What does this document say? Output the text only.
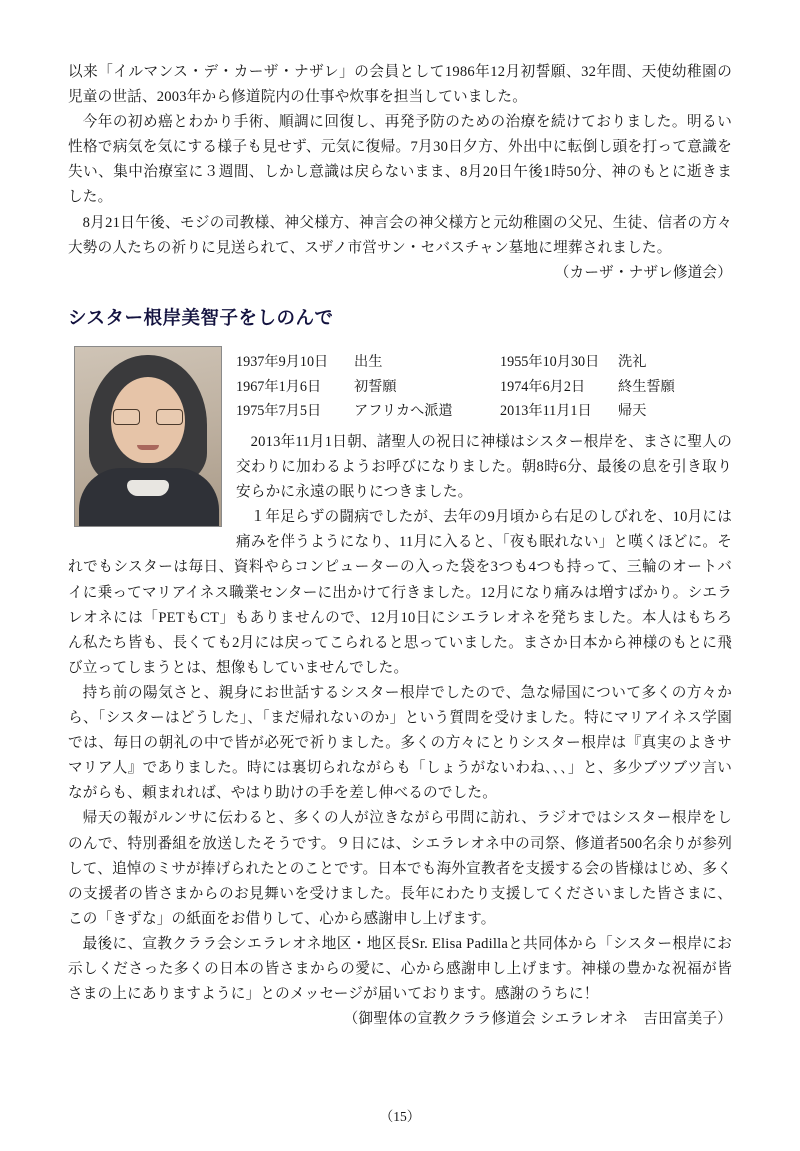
以来「イルマンス・デ・カーザ・ナザレ」の会員として1986年12月初誓願、32年間、天使幼稚園の児童の世話、2003年から修道院内の仕事や炊事を担当していました。

今年の初め癌とわかり手術、順調に回復し、再発予防のための治療を続けておりました。明るい性格で病気を気にする様子も見せず、元気に復帰。7月30日夕方、外出中に転倒し頭を打って意識を失い、集中治療室に３週間、しかし意識は戻らないまま、8月20日午後1時50分、神のもとに逝きました。

8月21日午後、モジの司教様、神父様方、神言会の神父様方と元幼稚園の父兄、生徒、信者の方々大勢の人たちの祈りに見送られて、スザノ市営サン・セバスチャン墓地に埋葬されました。

（カーザ・ナザレ修道会）

シスター根岸美智子をしのんで
1937年9月10日	出生	1955年10月30日	洗礼
1967年1月6日	初誓願	1974年6月2日	終生誓願
1975年7月5日	アフリカへ派遣	2013年11月1日	帰天

2013年11月1日朝、諸聖人の祝日に神様はシスター根岸を、まさに聖人の交わりに加わるようお呼びになりました。朝8時6分、最後の息を引き取り安らかに永遠の眠りにつきました。

１年足らずの闘病でしたが、去年の9月頃から右足のしびれを、10月には痛みを伴うようになり、11月に入ると、「夜も眠れない」と嘆くほどに。それでもシスターは毎日、資料やらコンピューターの入った袋を3つも4つも持って、三輪のオートバイに乗ってマリアイネス職業センターに出かけて行きました。12月になり痛みは増すばかり。シエラレオネには「PETもCT」もありませんので、12月10日にシエラレオネを発ちました。本人はもちろん私たち皆も、長くても2月には戻ってこられると思っていました。まさか日本から神様のもとに飛び立ってしまうとは、想像もしていませんでした。

持ち前の陽気さと、親身にお世話するシスター根岸でしたので、急な帰国について多くの方々から、「シスターはどうした」、「まだ帰れないのか」という質問を受けました。特にマリアイネス学園では、毎日の朝礼の中で皆が必死で祈りました。多くの方々にとりシスター根岸は『真実のよきサマリア人』でありました。時には裏切られながらも「しょうがないわね､､､」と、多少ブツブツ言いながらも、頼まれれば、やはり助けの手を差し伸べるのでした。

帰天の報がルンサに伝わると、多くの人が泣きながら弔問に訪れ、ラジオではシスター根岸をしのんで、特別番組を放送したそうです。９日には、シエラレオネ中の司祭、修道者500名余りが参列して、追悼のミサが捧げられたとのことです。日本でも海外宣教者を支援する会の皆様はじめ、多くの支援者の皆さまからのお見舞いを受けました。長年にわたり支援してくださいました皆さまに、この「きずな」の紙面をお借りして、心から感謝申し上げます。

最後に、宣教クララ会シエラレオネ地区・地区長Sr. Elisa Padillaと共同体から「シスター根岸にお示しくださった多くの日本の皆さまからの愛に、心から感謝申し上げます。神様の豊かな祝福が皆さまの上にありますように」とのメッセージが届いております。感謝のうちに！

（御聖体の宣教クララ修道会 シエラレオネ　吉田富美子）

（15）
